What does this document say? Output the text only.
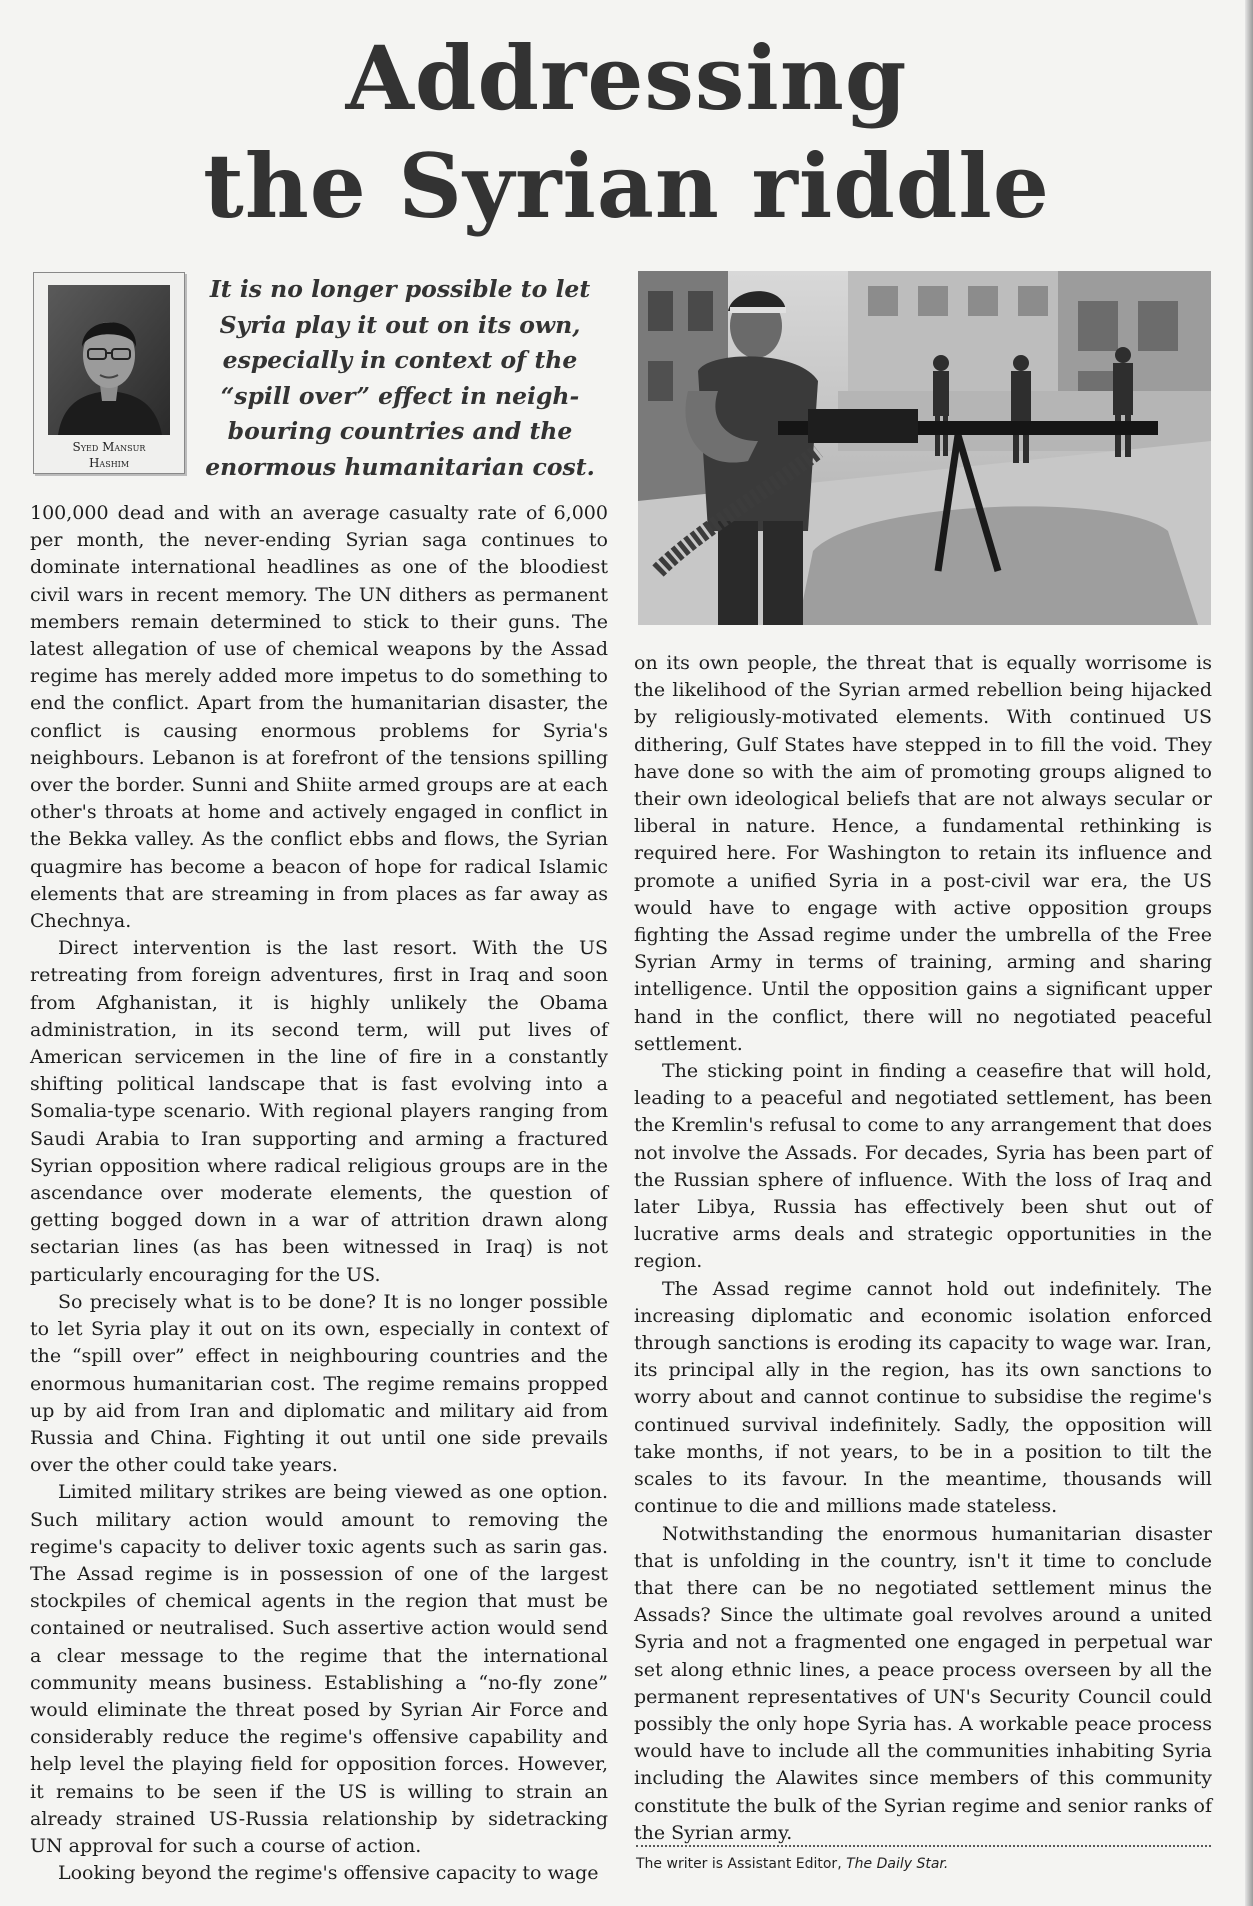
Addressing
the Syrian riddle
Syed Mansur
Hashim
It is no longer possible to let
Syria play it out on its own,
especially in context of the
“spill over” effect in neigh-
bouring countries and the
enormous humanitarian cost.

100,000 dead and with an average casualty rate of 6,000 per month, the never-ending Syrian saga continues to dominate international headlines as one of the bloodiest civil wars in recent memory. The UN dithers as permanent members remain determined to stick to their guns. The latest allegation of use of chemical weapons by the Assad regime has merely added more impetus to do something to end the conflict. Apart from the humanitarian disaster, the conflict is causing enormous problems for Syria's neighbours. Lebanon is at forefront of the tensions spilling over the border. Sunni and Shiite armed groups are at each other's throats at home and actively engaged in conflict in the Bekka valley. As the conflict ebbs and flows, the Syrian quagmire has become a beacon of hope for radical Islamic elements that are streaming in from places as far away as Chechnya.

Direct intervention is the last resort. With the US retreating from foreign adventures, first in Iraq and soon from Afghanistan, it is highly unlikely the Obama administration, in its second term, will put lives of American servicemen in the line of fire in a constantly shifting political landscape that is fast evolving into a Somalia-type scenario. With regional players ranging from Saudi Arabia to Iran supporting and arming a fractured Syrian opposition where radical religious groups are in the ascendance over moderate elements, the question of getting bogged down in a war of attrition drawn along sectarian lines (as has been witnessed in Iraq) is not particularly encouraging for the US.

So precisely what is to be done? It is no longer possible to let Syria play it out on its own, especially in context of the “spill over” effect in neighbouring countries and the enormous humanitarian cost. The regime remains propped up by aid from Iran and diplomatic and military aid from Russia and China. Fighting it out until one side prevails over the other could take years.

Limited military strikes are being viewed as one option. Such military action would amount to removing the regime's capacity to deliver toxic agents such as sarin gas. The Assad regime is in possession of one of the largest stockpiles of chemical agents in the region that must be contained or neutralised. Such assertive action would send a clear message to the regime that the international community means business. Establishing a “no-fly zone” would eliminate the threat posed by Syrian Air Force and considerably reduce the regime's offensive capability and help level the playing field for opposition forces. However, it remains to be seen if the US is willing to strain an already strained US-Russia relationship by sidetracking UN approval for such a course of action.

Looking beyond the regime's offensive capacity to wage

on its own people, the threat that is equally worrisome is the likelihood of the Syrian armed rebellion being hijacked by religiously-motivated elements. With continued US dithering, Gulf States have stepped in to fill the void. They have done so with the aim of promoting groups aligned to their own ideological beliefs that are not always secular or liberal in nature. Hence, a fundamental rethinking is required here. For Washington to retain its influence and promote a unified Syria in a post-civil war era, the US would have to engage with active opposition groups fighting the Assad regime under the umbrella of the Free Syrian Army in terms of training, arming and sharing intelligence. Until the opposition gains a significant upper hand in the conflict, there will no negotiated peaceful settlement.

The sticking point in finding a ceasefire that will hold, leading to a peaceful and negotiated settlement, has been the Kremlin's refusal to come to any arrangement that does not involve the Assads. For decades, Syria has been part of the Russian sphere of influence. With the loss of Iraq and later Libya, Russia has effectively been shut out of lucrative arms deals and strategic opportunities in the region.

The Assad regime cannot hold out indefinitely. The increasing diplomatic and economic isolation enforced through sanctions is eroding its capacity to wage war. Iran, its principal ally in the region, has its own sanctions to worry about and cannot continue to subsidise the regime's continued survival indefinitely. Sadly, the opposition will take months, if not years, to be in a position to tilt the scales to its favour. In the meantime, thousands will continue to die and millions made stateless.

Notwithstanding the enormous humanitarian disaster that is unfolding in the country, isn't it time to conclude that there can be no negotiated settlement minus the Assads? Since the ultimate goal revolves around a united Syria and not a fragmented one engaged in perpetual war set along ethnic lines, a peace process overseen by all the permanent representatives of UN's Security Council could possibly the only hope Syria has. A workable peace process would have to include all the communities inhabiting Syria including the Alawites since members of this community constitute the bulk of the Syrian regime and senior ranks of the Syrian army.

The writer is Assistant Editor, The Daily Star.
